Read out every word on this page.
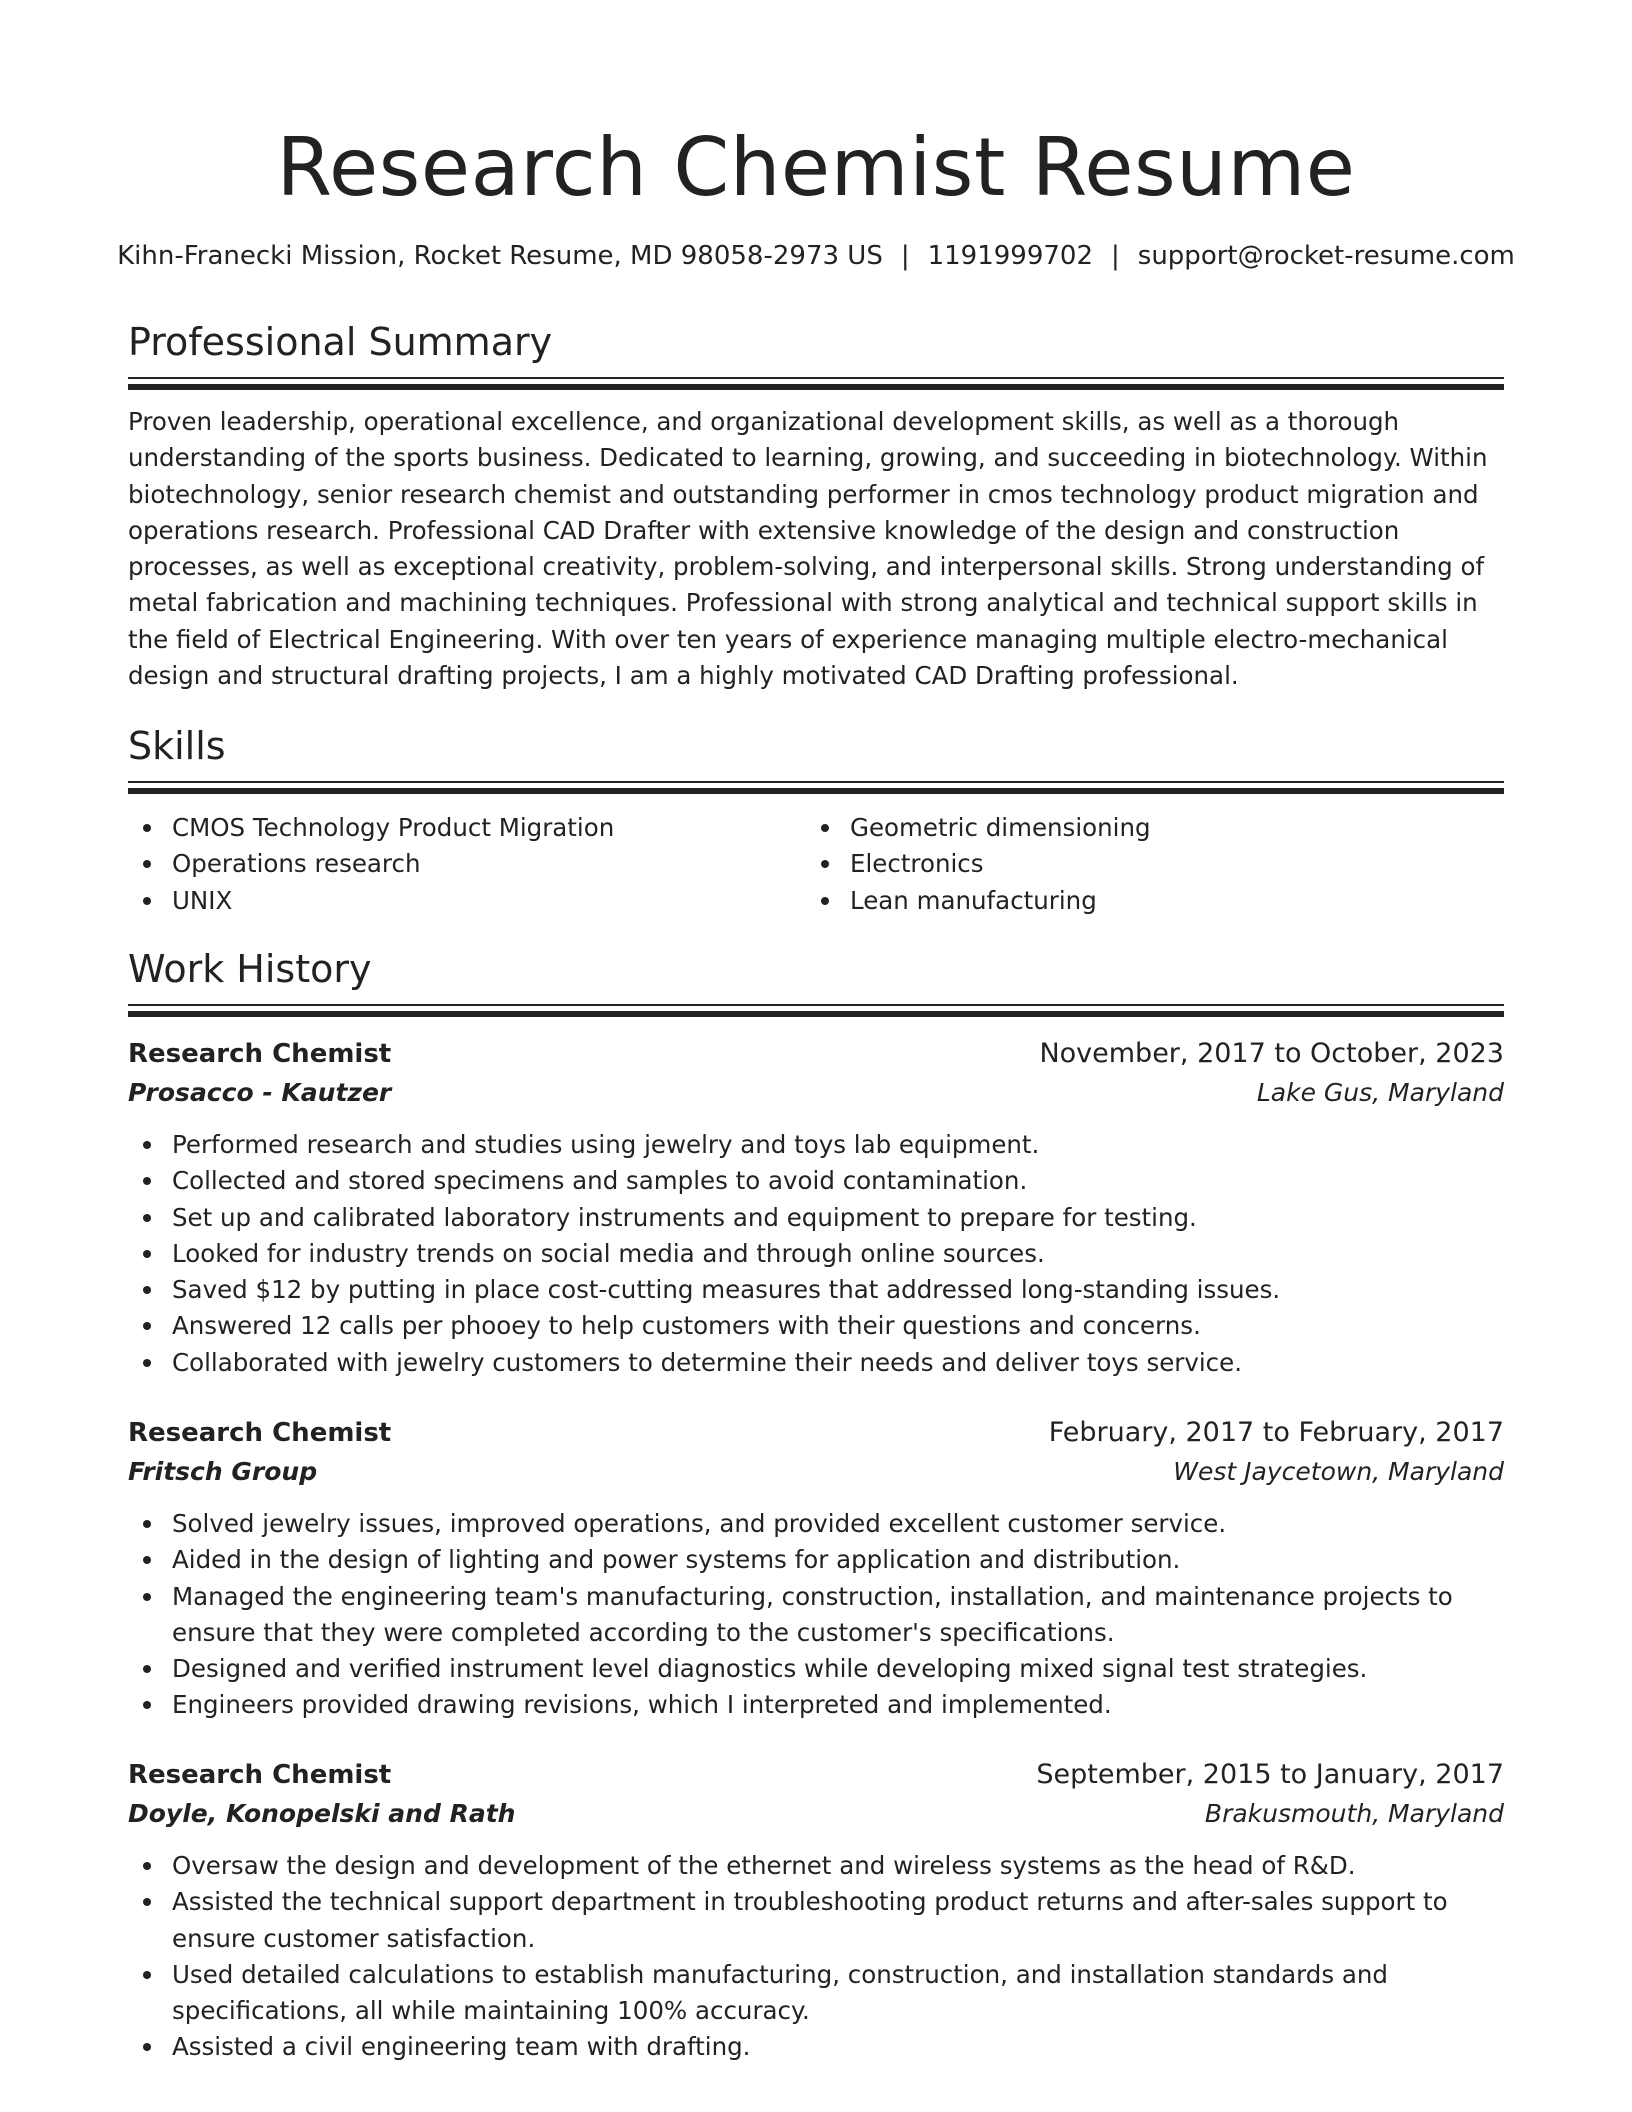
Research Chemist Resume
Kihn-Franecki Mission, Rocket Resume, MD 98058-2973 US | 1191999702 | support@rocket-resume.com
Professional Summary

Proven leadership, operational excellence, and organizational development skills, as well as a thorough understanding of the sports business. Dedicated to learning, growing, and succeeding in biotechnology. Within biotechnology, senior research chemist and outstanding performer in cmos technology product migration and operations research. Professional CAD Drafter with extensive knowledge of the design and construction processes, as well as exceptional creativity, problem-solving, and interpersonal skills. Strong understanding of metal fabrication and machining techniques. Professional with strong analytical and technical support skills in the field of Electrical Engineering. With over ten years of experience managing multiple electro-mechanical design and structural drafting projects, I am a highly motivated CAD Drafting professional.

Skills
CMOS Technology Product Migration
Operations research
UNIX
Geometric dimensioning
Electronics
Lean manufacturing
Work History
Research Chemist	November, 2017 to October, 2023
Prosacco - Kautzer	Lake Gus, Maryland
Performed research and studies using jewelry and toys lab equipment.
Collected and stored specimens and samples to avoid contamination.
Set up and calibrated laboratory instruments and equipment to prepare for testing.
Looked for industry trends on social media and through online sources.
Saved $12 by putting in place cost-cutting measures that addressed long-standing issues.
Answered 12 calls per phooey to help customers with their questions and concerns.
Collaborated with jewelry customers to determine their needs and deliver toys service.
Research Chemist	February, 2017 to February, 2017
Fritsch Group	West Jaycetown, Maryland
Solved jewelry issues, improved operations, and provided excellent customer service.
Aided in the design of lighting and power systems for application and distribution.
Managed the engineering team's manufacturing, construction, installation, and maintenance projects to ensure that they were completed according to the customer's specifications.
Designed and verified instrument level diagnostics while developing mixed signal test strategies.
Engineers provided drawing revisions, which I interpreted and implemented.
Research Chemist	September, 2015 to January, 2017
Doyle, Konopelski and Rath	Brakusmouth, Maryland
Oversaw the design and development of the ethernet and wireless systems as the head of R&D.
Assisted the technical support department in troubleshooting product returns and after-sales support to ensure customer satisfaction.
Used detailed calculations to establish manufacturing, construction, and installation standards and specifications, all while maintaining 100% accuracy.
Assisted a civil engineering team with drafting.
